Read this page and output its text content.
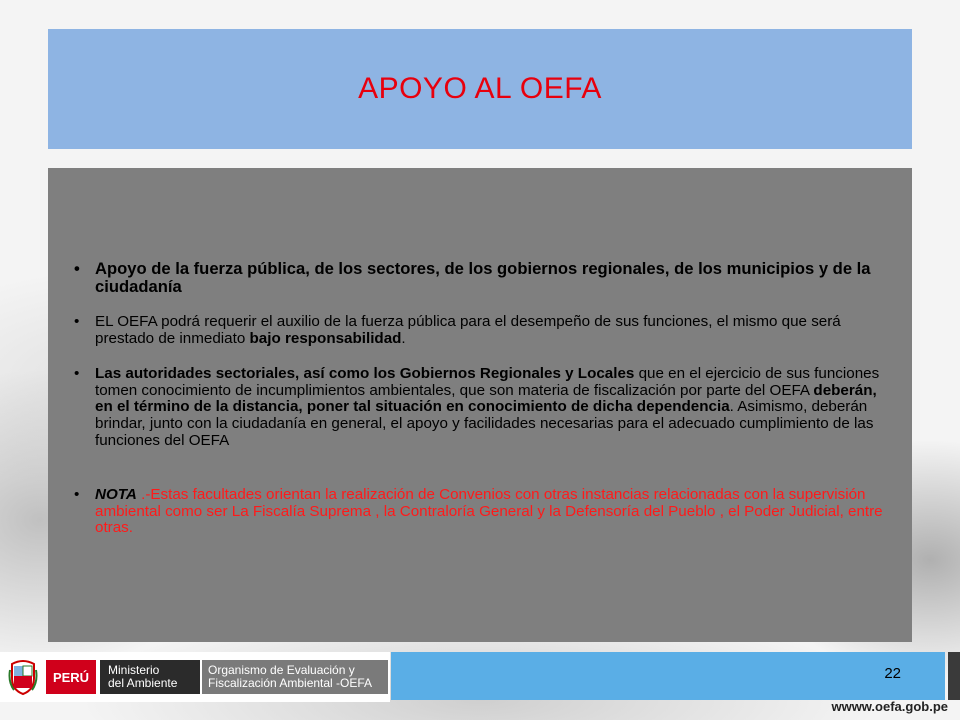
APOYO AL OEFA
• Apoyo de la fuerza pública, de los sectores, de los gobiernos regionales, de los municipios y de la ciudadanía
• EL OEFA podrá requerir el auxilio de la fuerza pública para el desempeño de sus funciones, el mismo que será prestado de inmediato bajo responsabilidad.
• Las autoridades sectoriales, así como los Gobiernos Regionales y Locales que en el ejercicio de sus funciones tomen conocimiento de incumplimientos ambientales, que son materia de fiscalización por parte del OEFA deberán, en el término de la distancia, poner tal situación en conocimiento de dicha dependencia. Asimismo, deberán brindar, junto con la ciudadanía en general, el apoyo y facilidades necesarias para el adecuado cumplimiento de las funciones del OEFA
• NOTA .-Estas facultades orientan la realización de Convenios con otras instancias relacionadas con la supervisión ambiental como ser La Fiscalía Suprema , la Contraloría General y la Defensoría del Pueblo , el Poder Judicial, entre otras.
PERÚ	Ministerio
del Ambiente
Organismo de Evaluación y
Fiscalización Ambiental -OEFA
22
wwww.oefa.gob.pe
